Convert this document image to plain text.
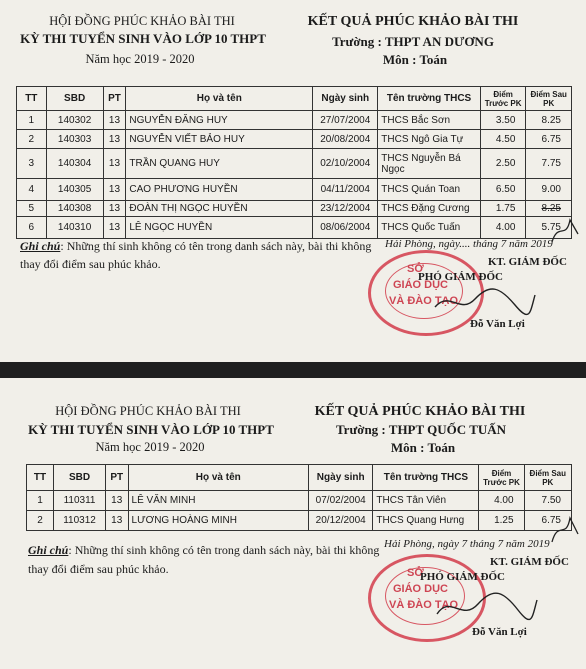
HỘI ĐỒNG PHÚC KHẢO BÀI THI
KỲ THI TUYỂN SINH VÀO LỚP 10 THPT
Năm học 2019 - 2020
KẾT QUẢ PHÚC KHẢO BÀI THI
Trường : THPT AN DƯƠNG
Môn : Toán
TT	SBD	PT	Họ và tên	Ngày sinh	Tên trường THCS	Điểm Trước PK	Điểm Sau PK
1	140302	13	NGUYỄN ĐĂNG HUY	27/07/2004	THCS Bắc Sơn	3.50	8.25
2	140303	13	NGUYỄN VIẾT BẢO HUY	20/08/2004	THCS Ngô Gia Tự	4.50	6.75
3	140304	13	TRẦN QUANG HUY	02/10/2004	THCS Nguyễn Bá Ngọc	2.50	7.75
4	140305	13	CAO PHƯƠNG HUYỀN	04/11/2004	THCS Quán Toan	6.50	9.00
5	140308	13	ĐOÀN THỊ NGỌC HUYỀN	23/12/2004	THCS Đặng Cương	1.75	8.25
6	140310	13	LÊ NGỌC HUYỀN	08/06/2004	THCS Quốc Tuấn	4.00	5.75
Ghi chú: Những thí sinh không có tên trong danh sách này, bài thi không
thay đổi điểm sau phúc khảo.
Hải Phòng, ngày.... tháng 7 năm 2019
SỞ
GIÁO DỤC
VÀ ĐÀO TẠO
KT. GIÁM ĐỐC
PHÓ GIÁM ĐỐC
Đỗ Văn Lợi
HỘI ĐỒNG PHÚC KHẢO BÀI THI
KỲ THI TUYỂN SINH VÀO LỚP 10 THPT
Năm học 2019 - 2020
KẾT QUẢ PHÚC KHẢO BÀI THI
Trường : THPT QUỐC TUẤN
Môn : Toán
TT	SBD	PT	Họ và tên	Ngày sinh	Tên trường THCS	Điểm Trước PK	Điểm Sau PK
1	110311	13	LÊ VĂN MINH	07/02/2004	THCS Tân Viên	4.00	7.50
2	110312	13	LƯƠNG HOÀNG MINH	20/12/2004	THCS Quang Hưng	1.25	6.75
Ghi chú: Những thí sinh không có tên trong danh sách này, bài thi không
thay đổi điểm sau phúc khảo.
Hải Phòng, ngày 7 tháng 7 năm 2019
SỞ
GIÁO DỤC
VÀ ĐÀO TẠO
KT. GIÁM ĐỐC
PHÓ GIÁM ĐỐC
Đỗ Văn Lợi
